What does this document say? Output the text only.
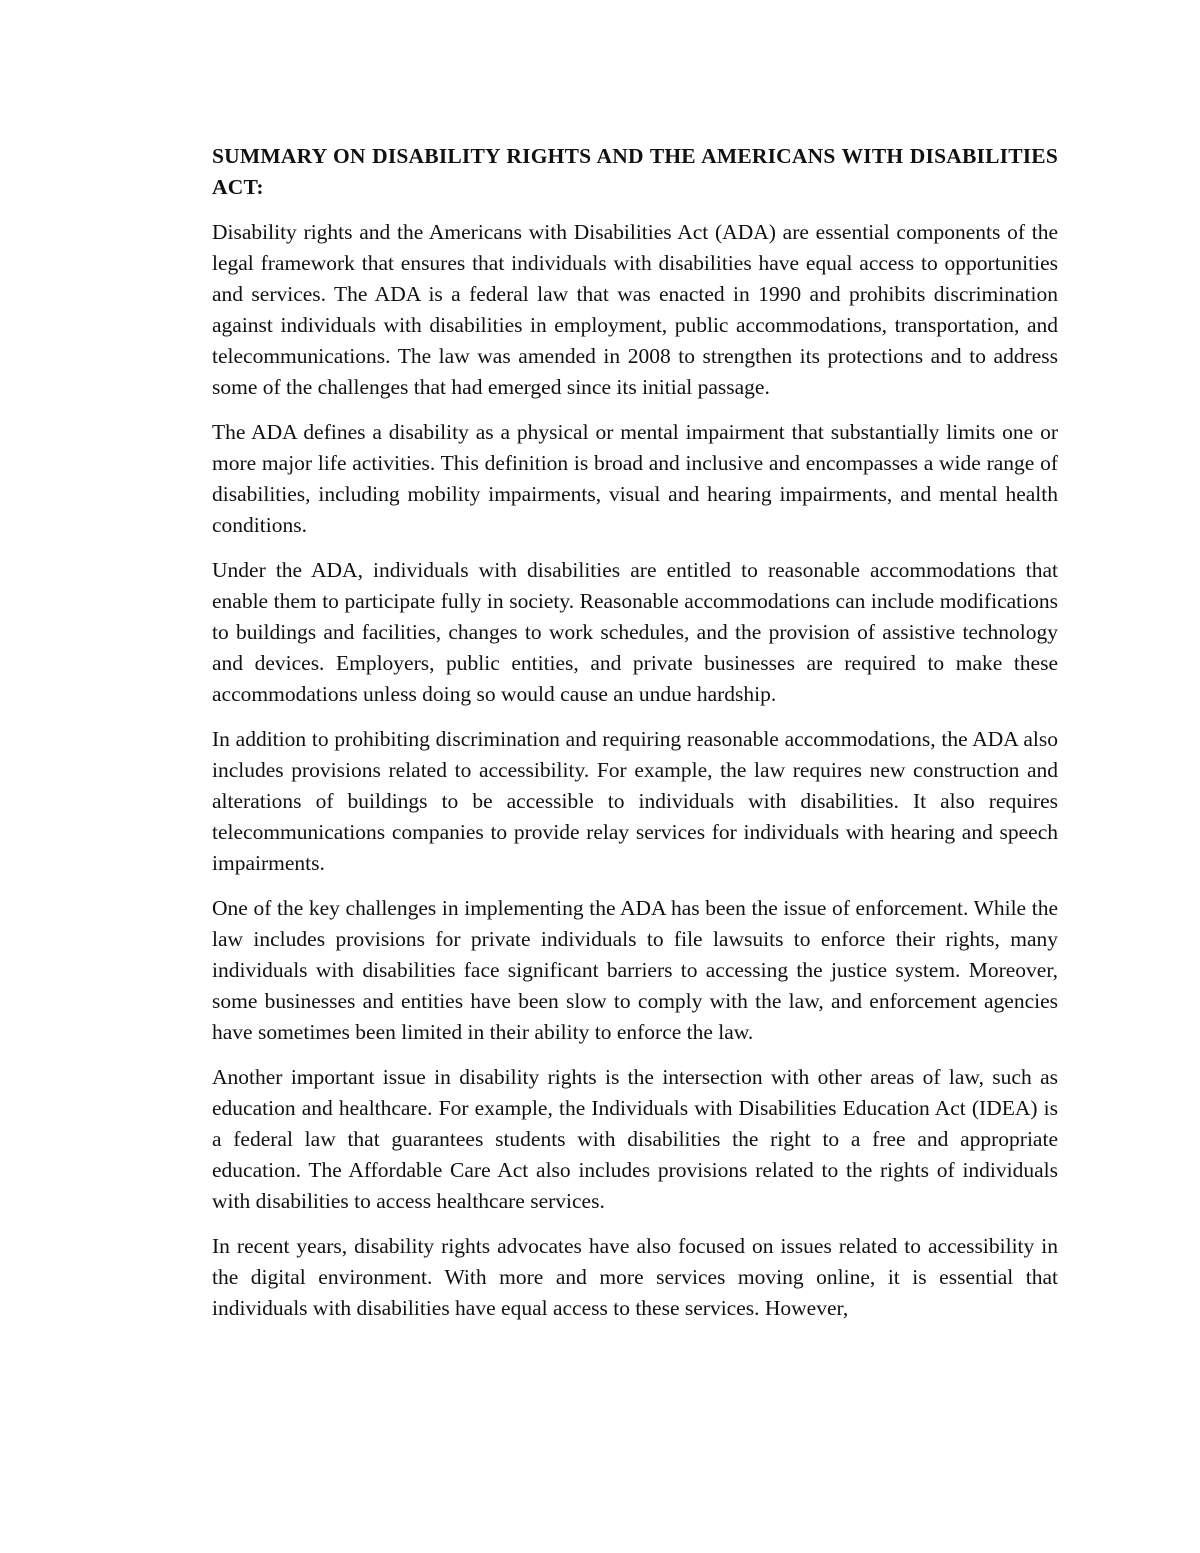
SUMMARY ON DISABILITY RIGHTS AND THE AMERICANS WITH DISABILITIES ACT:

Disability rights and the Americans with Disabilities Act (ADA) are essential components of the legal framework that ensures that individuals with disabilities have equal access to opportunities and services. The ADA is a federal law that was enacted in 1990 and prohibits discrimination against individuals with disabilities in employment, public accommodations, transportation, and telecommunications. The law was amended in 2008 to strengthen its protections and to address some of the challenges that had emerged since its initial passage.

The ADA defines a disability as a physical or mental impairment that substantially limits one or more major life activities. This definition is broad and inclusive and encompasses a wide range of disabilities, including mobility impairments, visual and hearing impairments, and mental health conditions.

Under the ADA, individuals with disabilities are entitled to reasonable accommodations that enable them to participate fully in society. Reasonable accommodations can include modifications to buildings and facilities, changes to work schedules, and the provision of assistive technology and devices. Employers, public entities, and private businesses are required to make these accommodations unless doing so would cause an undue hardship.

In addition to prohibiting discrimination and requiring reasonable accommodations, the ADA also includes provisions related to accessibility. For example, the law requires new construction and alterations of buildings to be accessible to individuals with disabilities. It also requires telecommunications companies to provide relay services for individuals with hearing and speech impairments.

One of the key challenges in implementing the ADA has been the issue of enforcement. While the law includes provisions for private individuals to file lawsuits to enforce their rights, many individuals with disabilities face significant barriers to accessing the justice system. Moreover, some businesses and entities have been slow to comply with the law, and enforcement agencies have sometimes been limited in their ability to enforce the law.

Another important issue in disability rights is the intersection with other areas of law, such as education and healthcare. For example, the Individuals with Disabilities Education Act (IDEA) is a federal law that guarantees students with disabilities the right to a free and appropriate education. The Affordable Care Act also includes provisions related to the rights of individuals with disabilities to access healthcare services.

In recent years, disability rights advocates have also focused on issues related to accessibility in the digital environment. With more and more services moving online, it is essential that individuals with disabilities have equal access to these services. However,
